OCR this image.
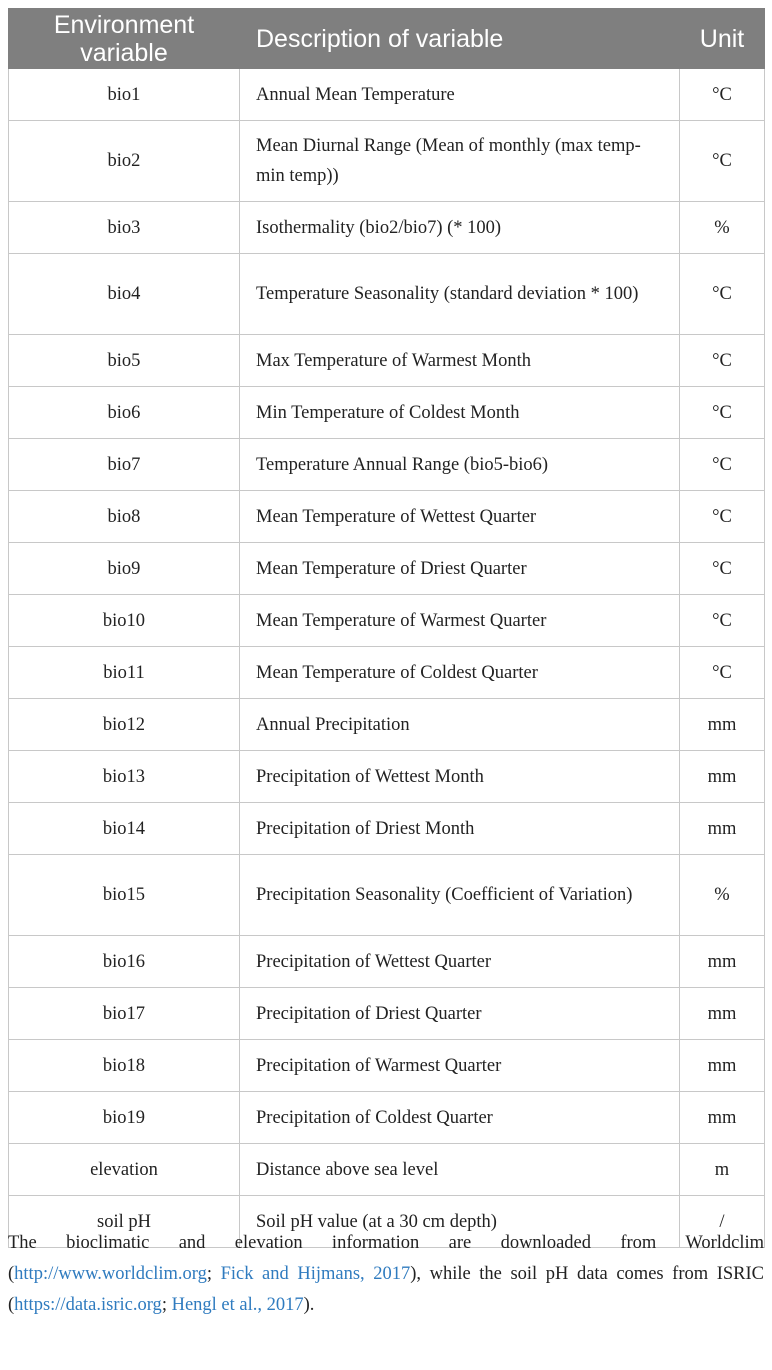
Environment variable	Description of variable	Unit
bio1	Annual Mean Temperature	°C
bio2	Mean Diurnal Range (Mean of monthly (max temp-min temp))	°C
bio3	Isothermality (bio2/bio7) (* 100)	%
bio4	Temperature Seasonality (standard deviation * 100)	°C
bio5	Max Temperature of Warmest Month	°C
bio6	Min Temperature of Coldest Month	°C
bio7	Temperature Annual Range (bio5-bio6)	°C
bio8	Mean Temperature of Wettest Quarter	°C
bio9	Mean Temperature of Driest Quarter	°C
bio10	Mean Temperature of Warmest Quarter	°C
bio11	Mean Temperature of Coldest Quarter	°C
bio12	Annual Precipitation	mm
bio13	Precipitation of Wettest Month	mm
bio14	Precipitation of Driest Month	mm
bio15	Precipitation Seasonality (Coefficient of Variation)	%
bio16	Precipitation of Wettest Quarter	mm
bio17	Precipitation of Driest Quarter	mm
bio18	Precipitation of Warmest Quarter	mm
bio19	Precipitation of Coldest Quarter	mm
elevation	Distance above sea level	m
soil pH	Soil pH value (at a 30 cm depth)	/
The bioclimatic and elevation information are downloaded from Worldclim (http://www.worldclim.org; Fick and Hijmans, 2017), while the soil pH data comes from ISRIC (https://data.isric.org; Hengl et al., 2017).
